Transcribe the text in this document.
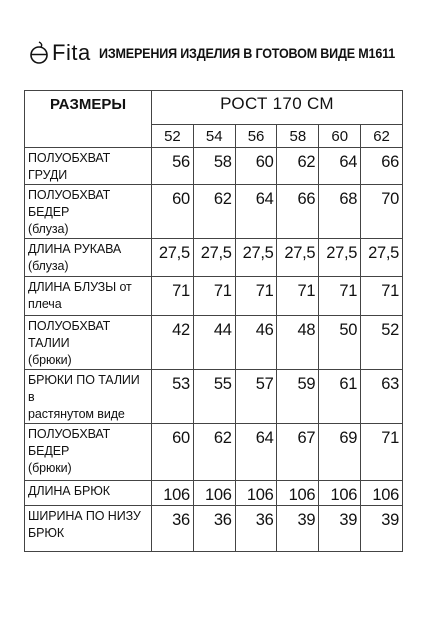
Fita ИЗМЕРЕНИЯ ИЗДЕЛИЯ В ГОТОВОМ ВИДЕ М1611
РАЗМЕРЫ	РОСТ 170 СМ					
	52	54	56	58	60	62

ПОЛУОБХВАТ ГРУДИ	56	58	60	62	64	66

ПОЛУОБХВАТ БЕДЕР
(блуза)	60	62	64	66	68	70

ДЛИНА РУКАВА
(блуза)	27,5	27,5	27,5	27,5	27,5	27,5

ДЛИНА БЛУЗЫ от
плеча	71	71	71	71	71	71

ПОЛУОБХВАТ ТАЛИИ
(брюки)	42	44	46	48	50	52

БРЮКИ ПО ТАЛИИ в
растянутом виде	53	55	57	59	61	63

ПОЛУОБХВАТ БЕДЕР
(брюки)	60	62	64	67	69	71

ДЛИНА БРЮК	106	106	106	106	106	106

ШИРИНА ПО НИЗУ
БРЮК	36	36	36	39	39	39
